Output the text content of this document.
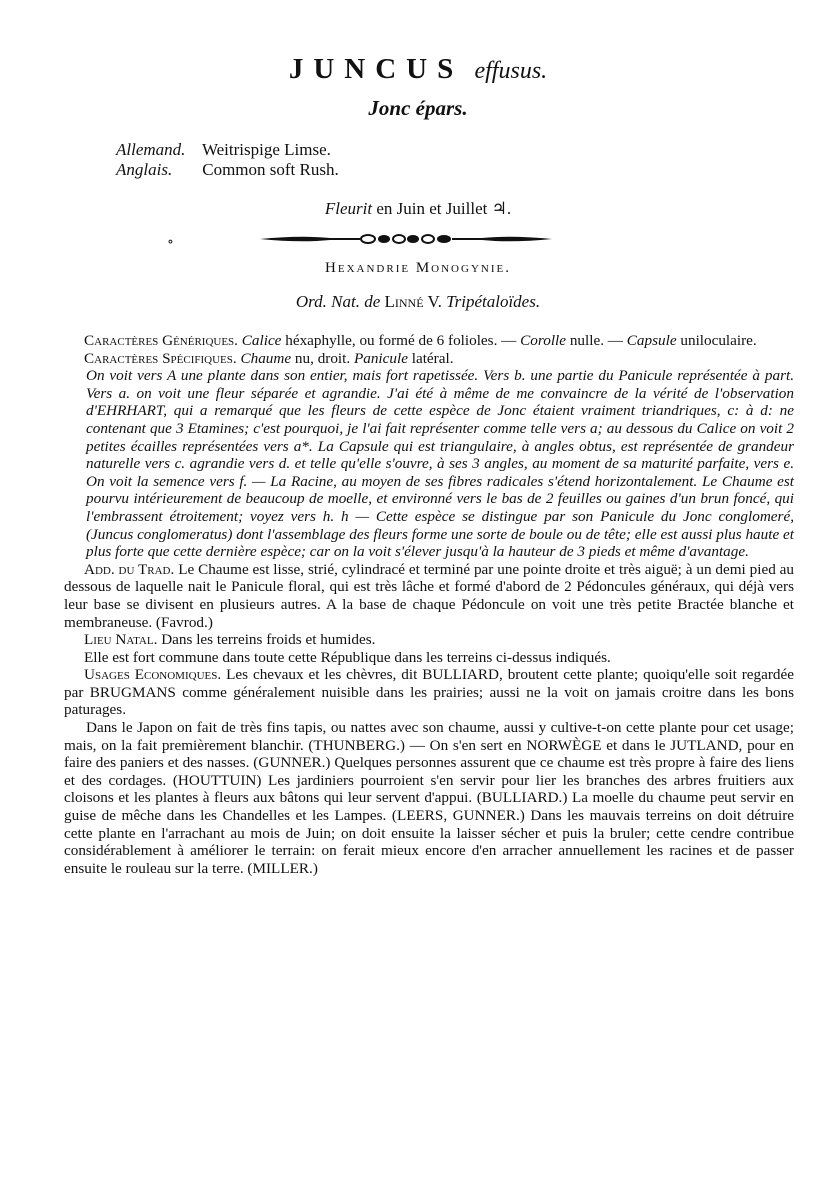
JUNCUS effusus.
Jonc épars.
Allemand. Weitrispige Limse.
Anglais. Common soft Rush.
Fleurit en Juin et Juillet ♃.
∘
Hexandrie Monogynie.
Ord. Nat. de Linné V. Tripétaloïdes.

Caractères Génériques. Calice héxaphylle, ou formé de 6 folioles. — Corolle nulle. — Capsule uniloculaire.

Caractères Spécifiques. Chaume nu, droit. Panicule latéral.

On voit vers A une plante dans son entier, mais fort rapetissée. Vers b. une partie du Panicule représentée à part. Vers a. on voit une fleur séparée et agrandie. J'ai été à même de me convaincre de la vérité de l'observation d'EHRHART, qui a remarqué que les fleurs de cette espèce de Jonc étaient vraiment triandriques, c: à d: ne contenant que 3 Etamines; c'est pourquoi, je l'ai fait représenter comme telle vers a; au dessous du Calice on voit 2 petites écailles représentées vers a*. La Capsule qui est triangulaire, à angles obtus, est représentée de grandeur naturelle vers c. agrandie vers d. et telle qu'elle s'ouvre, à ses 3 angles, au moment de sa maturité parfaite, vers e. On voit la semence vers f. — La Racine, au moyen de ses fibres radicales s'étend horizontalement. Le Chaume est pourvu intérieurement de beaucoup de moelle, et environné vers le bas de 2 feuilles ou gaines d'un brun foncé, qui l'embrassent étroitement; voyez vers h. h — Cette espèce se distingue par son Panicule du Jonc conglomeré, (Juncus conglomeratus) dont l'assemblage des fleurs forme une sorte de boule ou de tête; elle est aussi plus haute et plus forte que cette dernière espèce; car on la voit s'élever jusqu'à la hauteur de 3 pieds et même d'avantage.

Add. du Trad. Le Chaume est lisse, strié, cylindracé et terminé par une pointe droite et très aiguë; à un demi pied au dessous de laquelle nait le Panicule floral, qui est très lâche et formé d'abord de 2 Pédoncules généraux, qui déjà vers leur base se divisent en plusieurs autres. A la base de chaque Pédoncule on voit une très petite Bractée blanche et membraneuse. (Favrod.)

Lieu Natal. Dans les terreins froids et humides.

Elle est fort commune dans toute cette République dans les terreins ci-dessus indiqués.

Usages Economiques. Les chevaux et les chèvres, dit BULLIARD, broutent cette plante; quoiqu'elle soit regardée par BRUGMANS comme généralement nuisible dans les prairies; aussi ne la voit on jamais croitre dans les bons paturages.

Dans le Japon on fait de très fins tapis, ou nattes avec son chaume, aussi y cultive-t-on cette plante pour cet usage; mais, on la fait premièrement blanchir. (THUNBERG.) — On s'en sert en NORWÈGE et dans le JUTLAND, pour en faire des paniers et des nasses. (GUNNER.) Quelques personnes assurent que ce chaume est très propre à faire des liens et des cordages. (HOUTTUIN) Les jardiniers pourroient s'en servir pour lier les branches des arbres fruitiers aux cloisons et les plantes à fleurs aux bâtons qui leur servent d'appui. (BULLIARD.) La moelle du chaume peut servir en guise de mêche dans les Chandelles et les Lampes. (LEERS, GUNNER.) Dans les mauvais terreins on doit détruire cette plante en l'arrachant au mois de Juin; on doit ensuite la laisser sécher et puis la bruler; cette cendre contribue considérablement à améliorer le terrain: on ferait mieux encore d'en arracher annuellement les racines et de passer ensuite le rouleau sur la terre. (MILLER.)
